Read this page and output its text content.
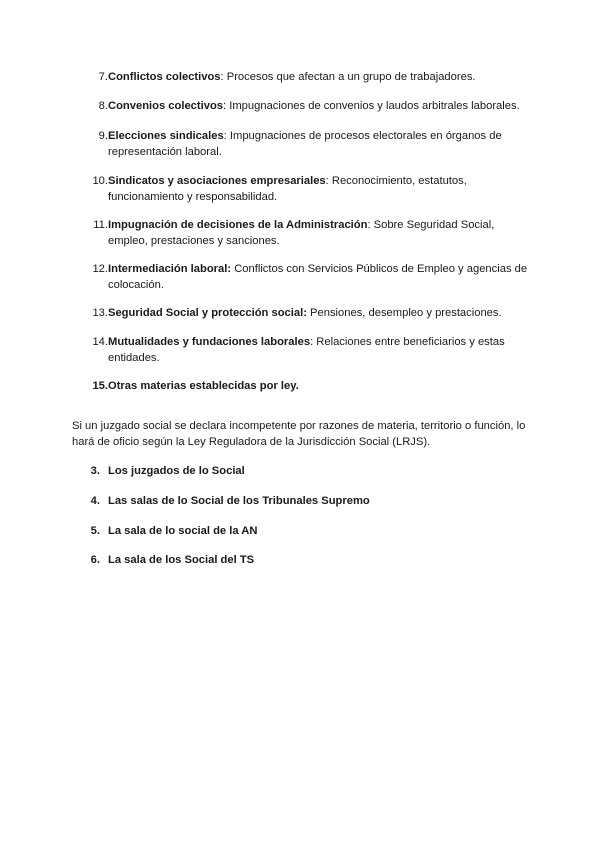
7. Conflictos colectivos: Procesos que afectan a un grupo de trabajadores.
8. Convenios colectivos: Impugnaciones de convenios y laudos arbitrales laborales.
9. Elecciones sindicales: Impugnaciones de procesos electorales en órganos de representación laboral.
10. Sindicatos y asociaciones empresariales: Reconocimiento, estatutos, funcionamiento y responsabilidad.
11. Impugnación de decisiones de la Administración: Sobre Seguridad Social, empleo, prestaciones y sanciones.
12. Intermediación laboral: Conflictos con Servicios Públicos de Empleo y agencias de colocación.
13. Seguridad Social y protección social: Pensiones, desempleo y prestaciones.
14. Mutualidades y fundaciones laborales: Relaciones entre beneficiarios y estas entidades.
15. Otras materias establecidas por ley.

Si un juzgado social se declara incompetente por razones de materia, territorio o función, lo hará de oficio según la Ley Reguladora de la Jurisdicción Social (LRJS).

3. Los juzgados de lo Social
4. Las salas de lo Social de los Tribunales Supremo
5. La sala de lo social de la AN
6. La sala de los Social del TS
